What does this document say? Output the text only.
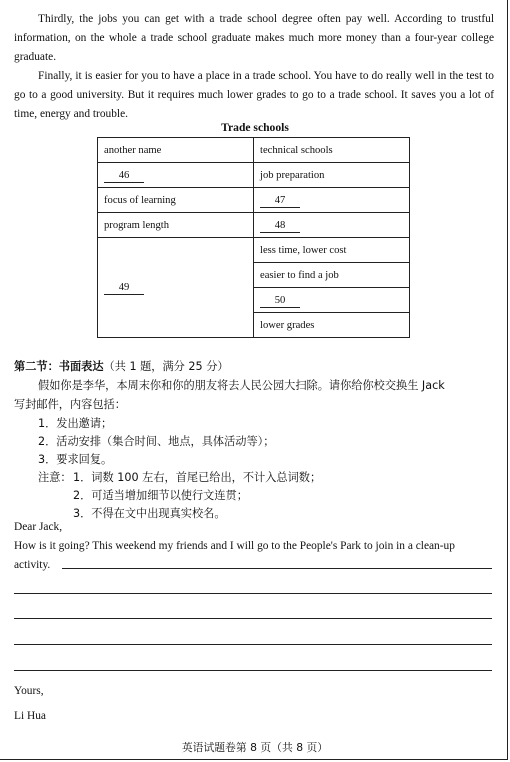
Thirdly, the jobs you can get with a trade school degree often pay well. According to trustful information, on the whole a trade school graduate makes much more money than a four-year college graduate.

Finally, it is easier for you to have a place in a trade school. You have to do really well in the test to go to a good university. But it requires much lower grades to go to a trade school. It saves you a lot of time, energy and trouble.

Trade schools
another name	technical schools
46	job preparation
focus of learning	47
program length	48
49	less time, lower cost
	easier to find a job
	50
	lower grades

第二节：书面表达（共 1 题，满分 25 分）

假如你是李华，本周末你和你的朋友将去人民公园大扫除。请你给你校交换生 Jack

写封邮件，内容包括：

1．发出邀请；

2．活动安排（集合时间、地点，具体活动等）；

3．要求回复。

注意： 1．词数 100 左右，首尾已给出，不计入总词数；

2．可适当增加细节以使行文连贯；

3．不得在文中出现真实校名。

Dear Jack,

How is it going? This weekend my friends and I will go to the People's Park to join in a clean-up

activity.

Yours,

Li Hua

英语试题卷第 8 页（共 8 页）
